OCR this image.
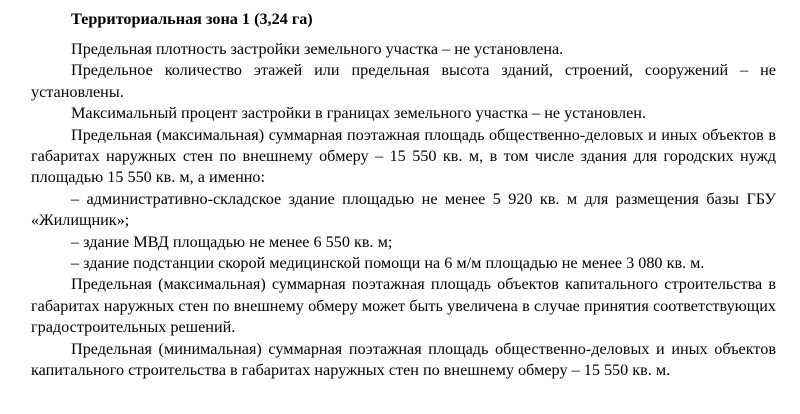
Территориальная зона 1 (3,24 га)

Предельная плотность застройки земельного участка – не установлена.

Предельное количество этажей или предельная высота зданий, строений, сооружений – не установлены.

Максимальный процент застройки в границах земельного участка – не установлен.

Предельная (максимальная) суммарная поэтажная площадь общественно-деловых и иных объектов в габаритах наружных стен по внешнему обмеру – 15 550 кв. м, в том числе здания для городских нужд площадью 15 550 кв. м, а именно:

– административно-складское здание площадью не менее 5 920 кв. м для размещения базы ГБУ «Жилищник»;

– здание МВД площадью не менее 6 550 кв. м;

– здание подстанции скорой медицинской помощи на 6 м/м площадью не менее 3 080 кв. м.

Предельная (максимальная) суммарная поэтажная площадь объектов капитального строительства в габаритах наружных стен по внешнему обмеру может быть увеличена в случае принятия соответствующих градостроительных решений.

Предельная (минимальная) суммарная поэтажная площадь общественно-деловых и иных объектов капитального строительства в габаритах наружных стен по внешнему обмеру – 15 550 кв. м.
